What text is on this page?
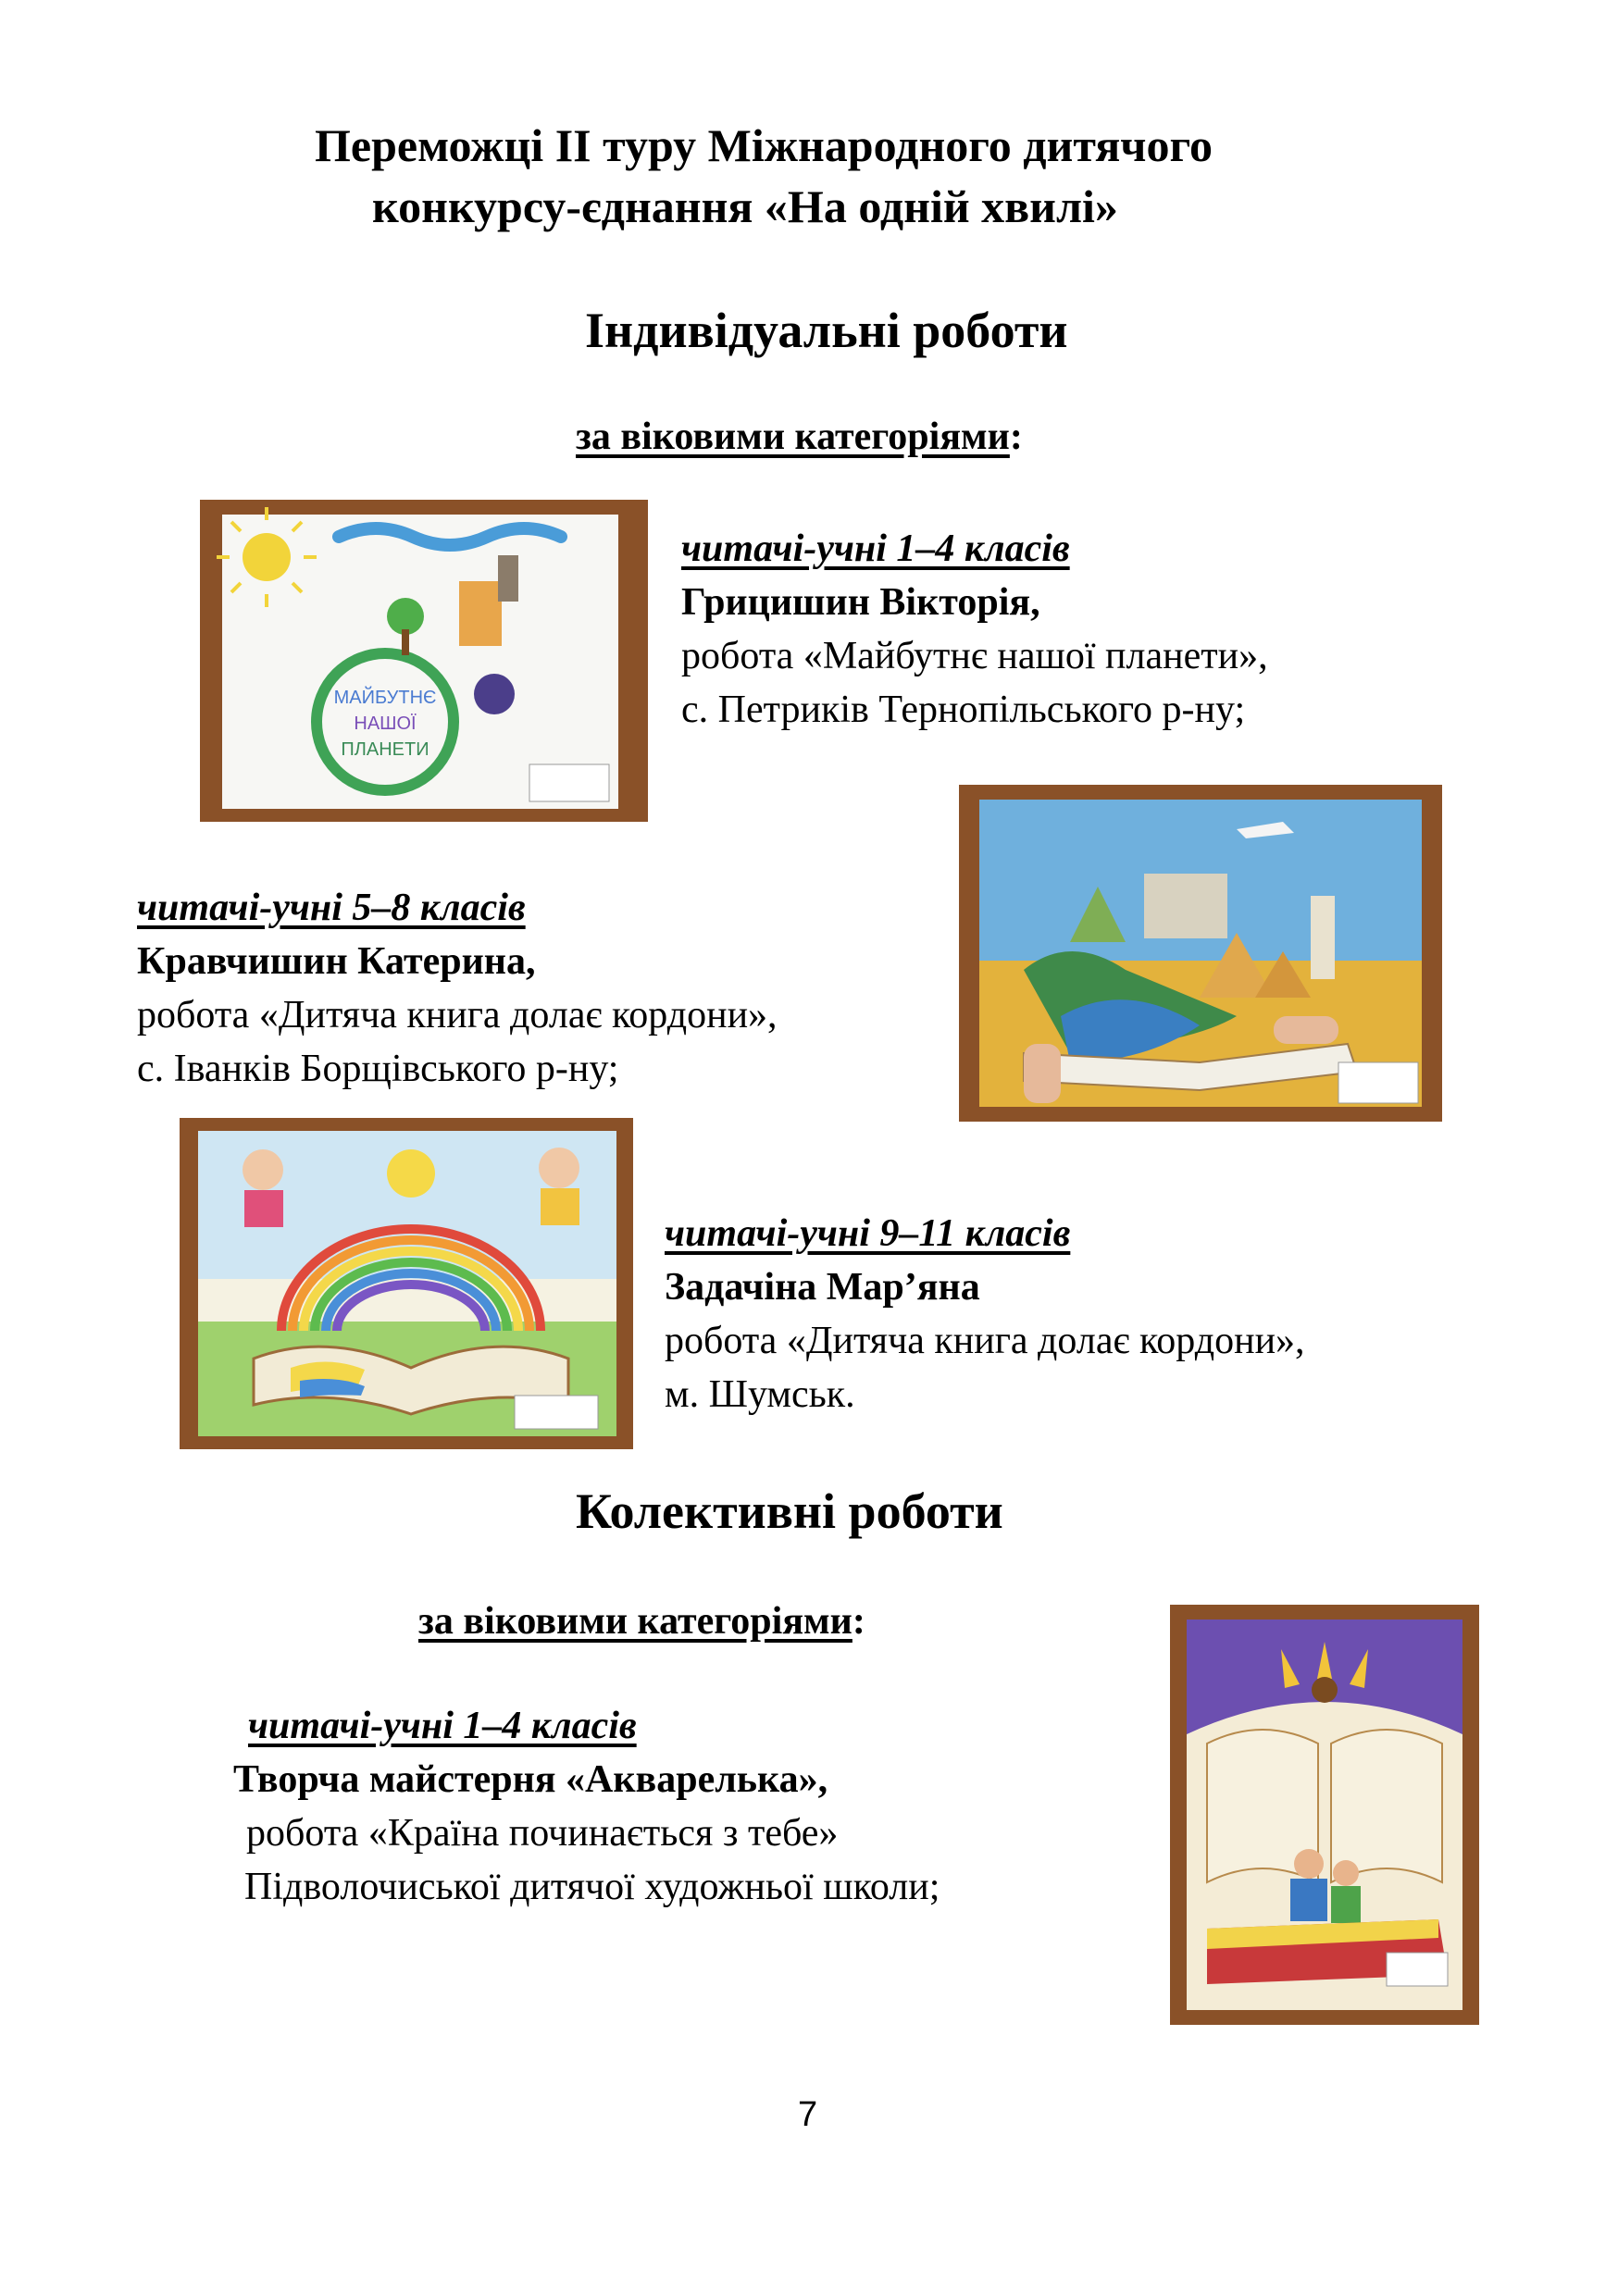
Переможці ІІ туру Міжнародного дитячого
конкурсу-єднання «На одній хвилі»
Індивідуальні роботи
за віковими категоріями:
МАЙБУТНЄ
НАШОЇ
ПЛАНЕТИ
читачі-учні 1–4 класів
Грицишин Вікторія,
робота «Майбутнє нашої планети»,
с. Петриків Тернопільського р-ну;
читачі-учні 5–8 класів
Кравчишин Катерина,
робота «Дитяча книга долає кордони»,
с. Іванків Борщівського р-ну;
читачі-учні 9–11 класів
Задачіна Мар’яна
робота «Дитяча книга долає кордони»,
м. Шумськ.
Колективні роботи
за віковими категоріями:
читачі-учні 1–4 класів
Творча майстерня «Акварелька»,
робота «Країна починається з тебе»
Підволочиської дитячої художньої школи;
7
